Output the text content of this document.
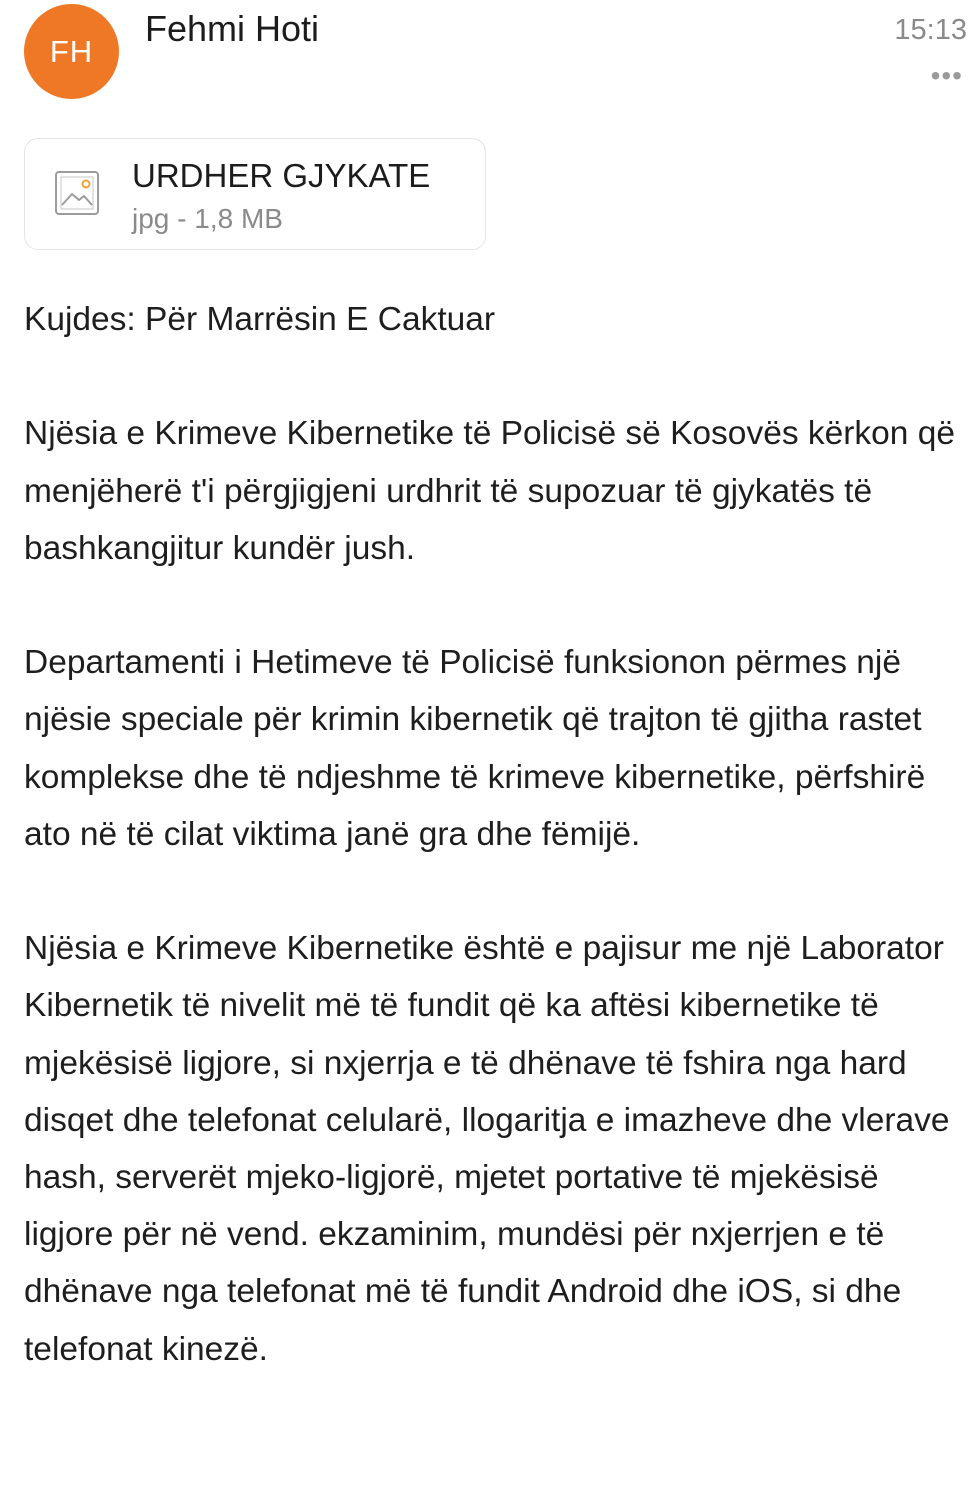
FH
Fehmi Hoti	15:13
•••
URDHER GJYKATE
jpg - 1,8 MB

Kujdes: Për Marrësin E Caktuar

Njësia e Krimeve Kibernetike të Policisë së Kosovës kërkon që menjëherë t'i përgjigjeni urdhrit të supozuar të gjykatës të bashkangjitur kundër jush.

Departamenti i Hetimeve të Policisë funksionon përmes një njësie speciale për krimin kibernetik që trajton të gjitha rastet komplekse dhe të ndjeshme të krimeve kibernetike, përfshirë ato në të cilat viktima janë gra dhe fëmijë.

Njësia e Krimeve Kibernetike është e pajisur me një Laborator Kibernetik të nivelit më të fundit që ka aftësi kibernetike të mjekësisë ligjore, si nxjerrja e të dhënave të fshira nga hard disqet dhe telefonat celularë, llogaritja e imazheve dhe vlerave hash, serverët mjeko-ligjorë, mjetet portative të mjekësisë ligjore për në vend. ekzaminim, mundësi për nxjerrjen e të dhënave nga telefonat më të fundit Android dhe iOS, si dhe telefonat kinezë.
